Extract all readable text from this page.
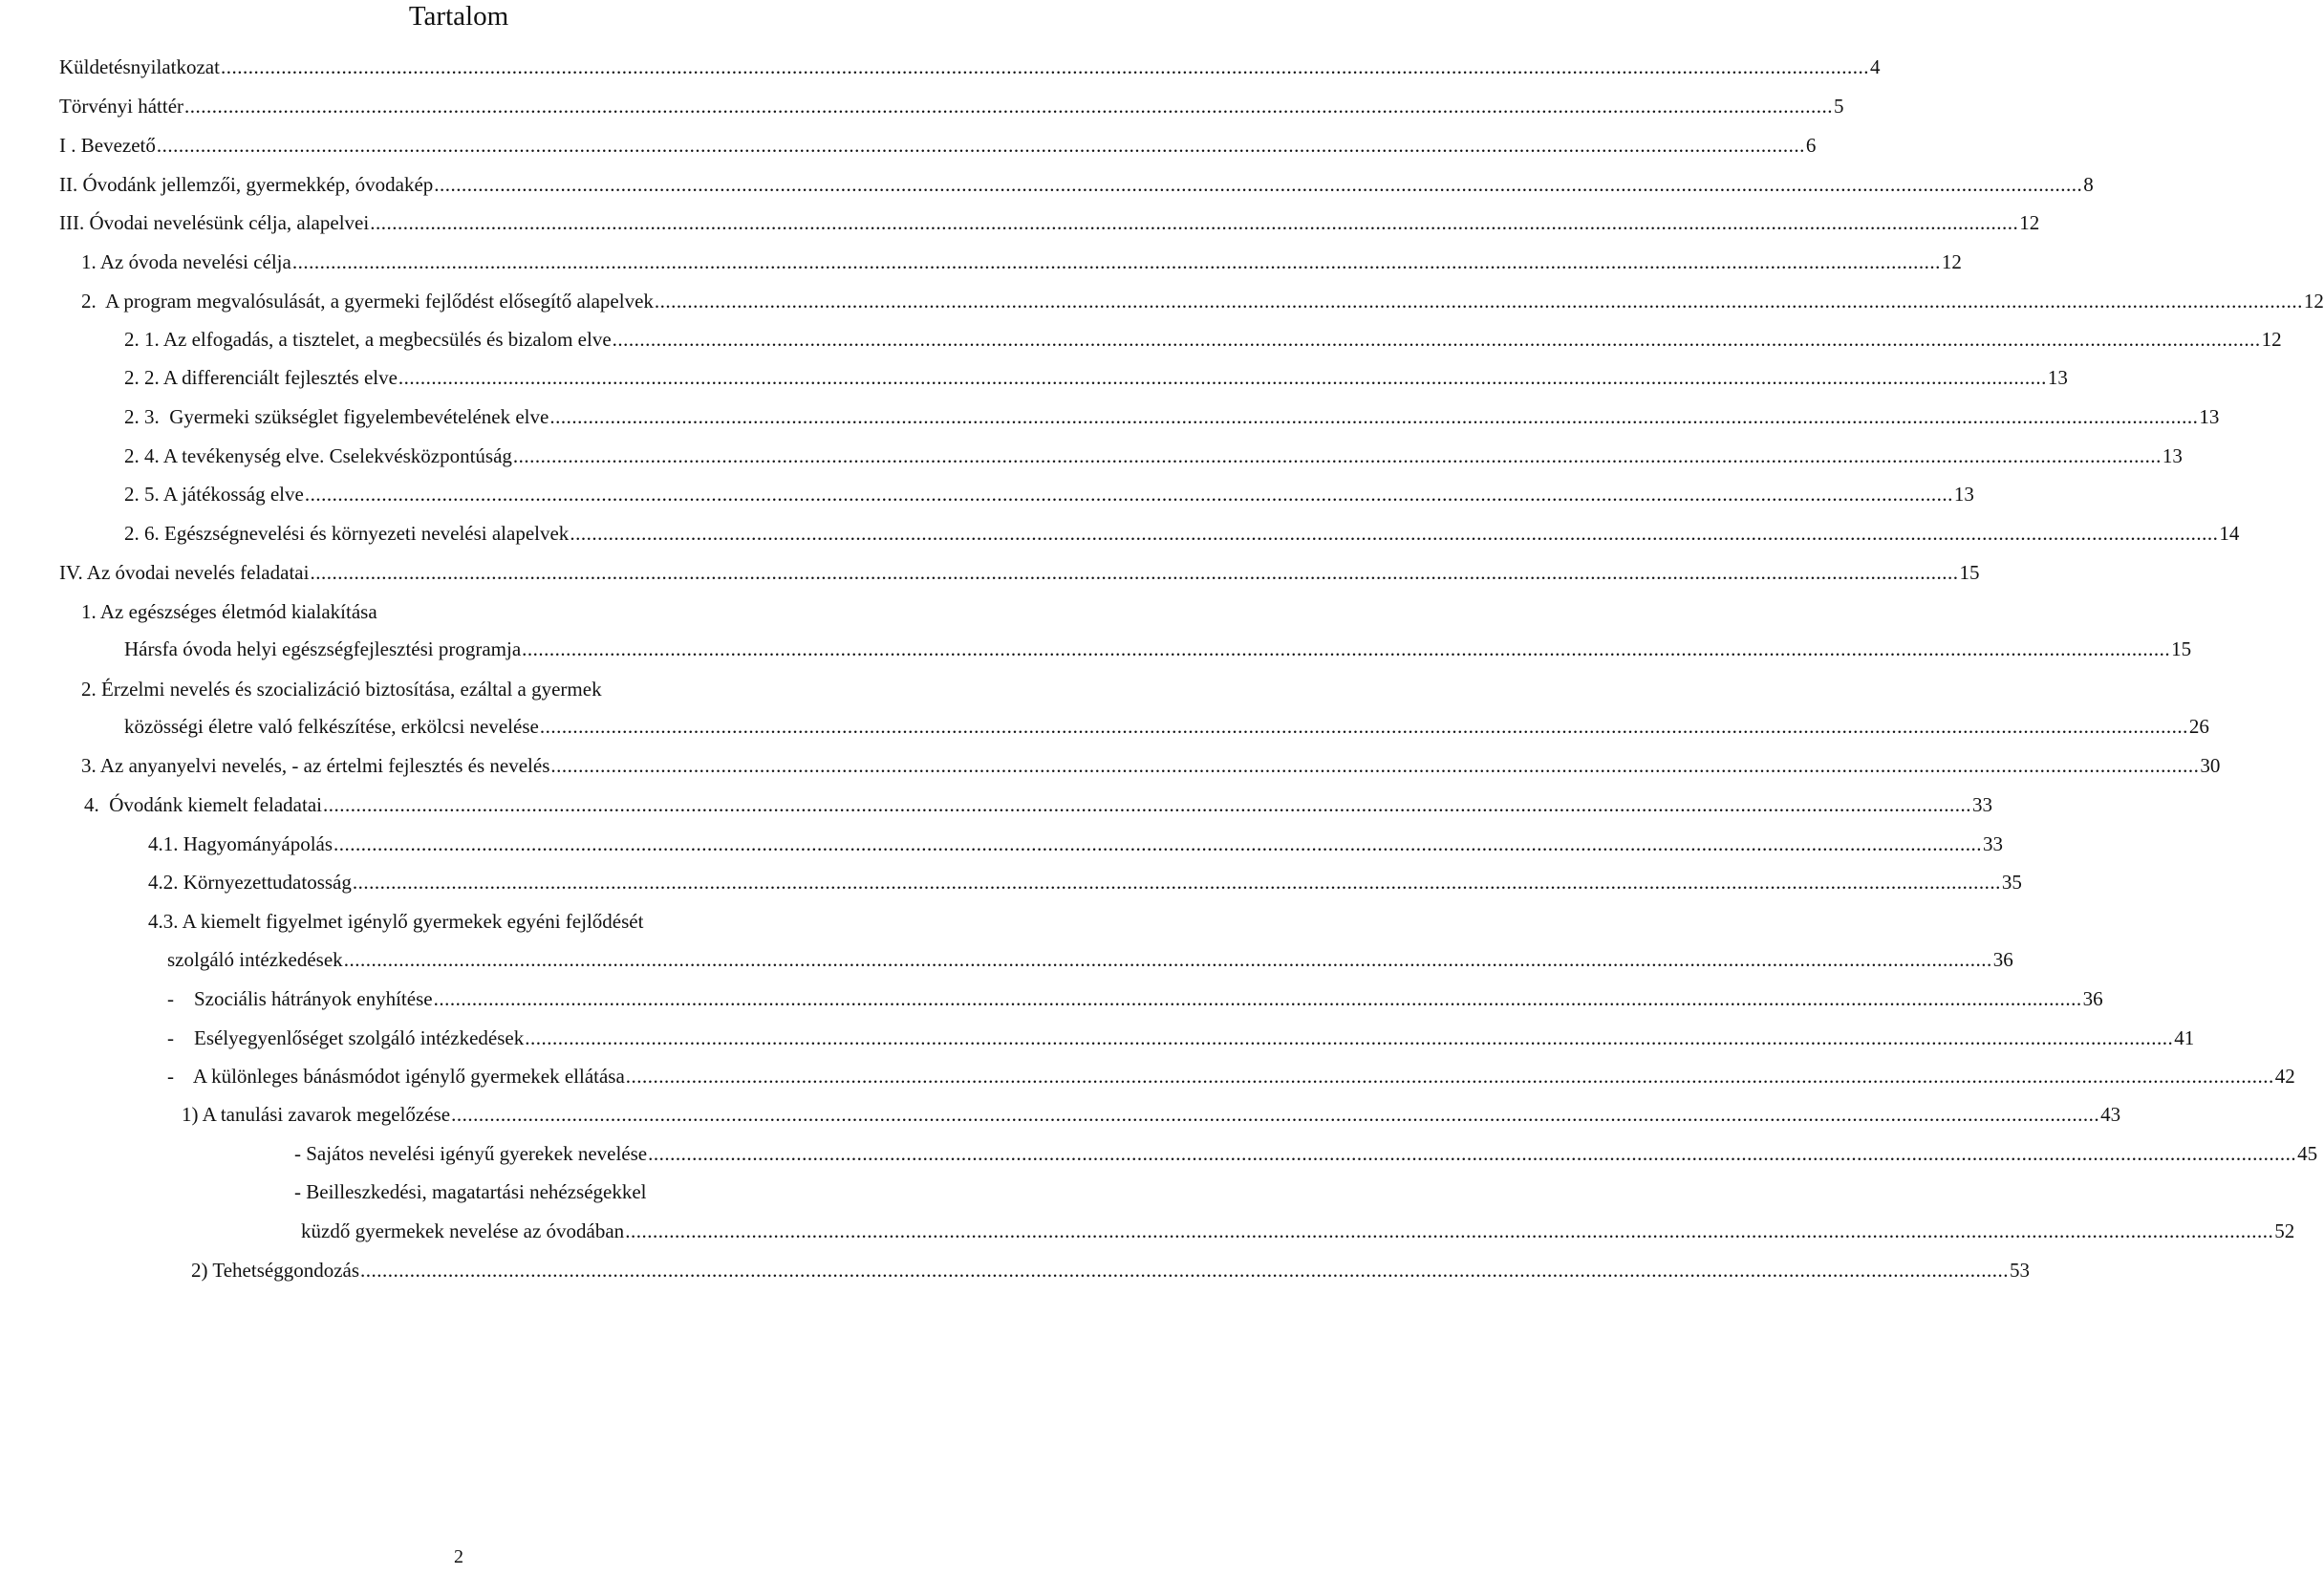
Tartalom
Küldetésnyilatkozat ............................................................................................................................................................................................................................................................................................................ 4
Törvényi háttér ............................................................................................................................................................................................................................................................................................................ 5
I . Bevezető ............................................................................................................................................................................................................................................................................................................ 6
II. Óvodánk jellemzői, gyermekkép, óvodakép ............................................................................................................................................................................................................................................................................................................ 8
III. Óvodai nevelésünk célja, alapelvei ............................................................................................................................................................................................................................................................................................................ 12
1. Az óvoda nevelési célja ............................................................................................................................................................................................................................................................................................................ 12
2.  A program megvalósulását, a gyermeki fejlődést elősegítő alapelvek ............................................................................................................................................................................................................................................................................................................ 12
2. 1. Az elfogadás, a tisztelet, a megbecsülés és bizalom elve ............................................................................................................................................................................................................................................................................................................ 12
2. 2. A differenciált fejlesztés elve ............................................................................................................................................................................................................................................................................................................ 13
2. 3.  Gyermeki szükséglet figyelembevételének elve ............................................................................................................................................................................................................................................................................................................ 13
2. 4. A tevékenység elve. Cselekvésközpontúság ............................................................................................................................................................................................................................................................................................................ 13
2. 5. A játékosság elve ............................................................................................................................................................................................................................................................................................................ 13
2. 6. Egészségnevelési és környezeti nevelési alapelvek ............................................................................................................................................................................................................................................................................................................ 14
IV. Az óvodai nevelés feladatai ............................................................................................................................................................................................................................................................................................................ 15
1. Az egészséges életmód kialakítása
Hársfa óvoda helyi egészségfejlesztési programja ............................................................................................................................................................................................................................................................................................................ 15
2. Érzelmi nevelés és szocializáció biztosítása, ezáltal a gyermek
közösségi életre való felkészítése, erkölcsi nevelése ............................................................................................................................................................................................................................................................................................................ 26
3. Az anyanyelvi nevelés, - az értelmi fejlesztés és nevelés ............................................................................................................................................................................................................................................................................................................ 30
4.  Óvodánk kiemelt feladatai ............................................................................................................................................................................................................................................................................................................ 33
4.1. Hagyományápolás ............................................................................................................................................................................................................................................................................................................ 33
4.2. Környezettudatosság ............................................................................................................................................................................................................................................................................................................ 35
4.3. A kiemelt figyelmet igénylő gyermekek egyéni fejlődését
szolgáló intézkedések ............................................................................................................................................................................................................................................................................................................ 36
-    Szociális hátrányok enyhítése ............................................................................................................................................................................................................................................................................................................ 36
-    Esélyegyenlőséget szolgáló intézkedések ............................................................................................................................................................................................................................................................................................................ 41
-    A különleges bánásmódot igénylő gyermekek ellátása ............................................................................................................................................................................................................................................................................................................ 42
1) A tanulási zavarok megelőzése ............................................................................................................................................................................................................................................................................................................ 43
- Sajátos nevelési igényű gyerekek nevelése ............................................................................................................................................................................................................................................................................................................ 45
- Beilleszkedési, magatartási nehézségekkel
küzdő gyermekek nevelése az óvodában ............................................................................................................................................................................................................................................................................................................ 52
2) Tehetséggondozás ............................................................................................................................................................................................................................................................................................................ 53
2
